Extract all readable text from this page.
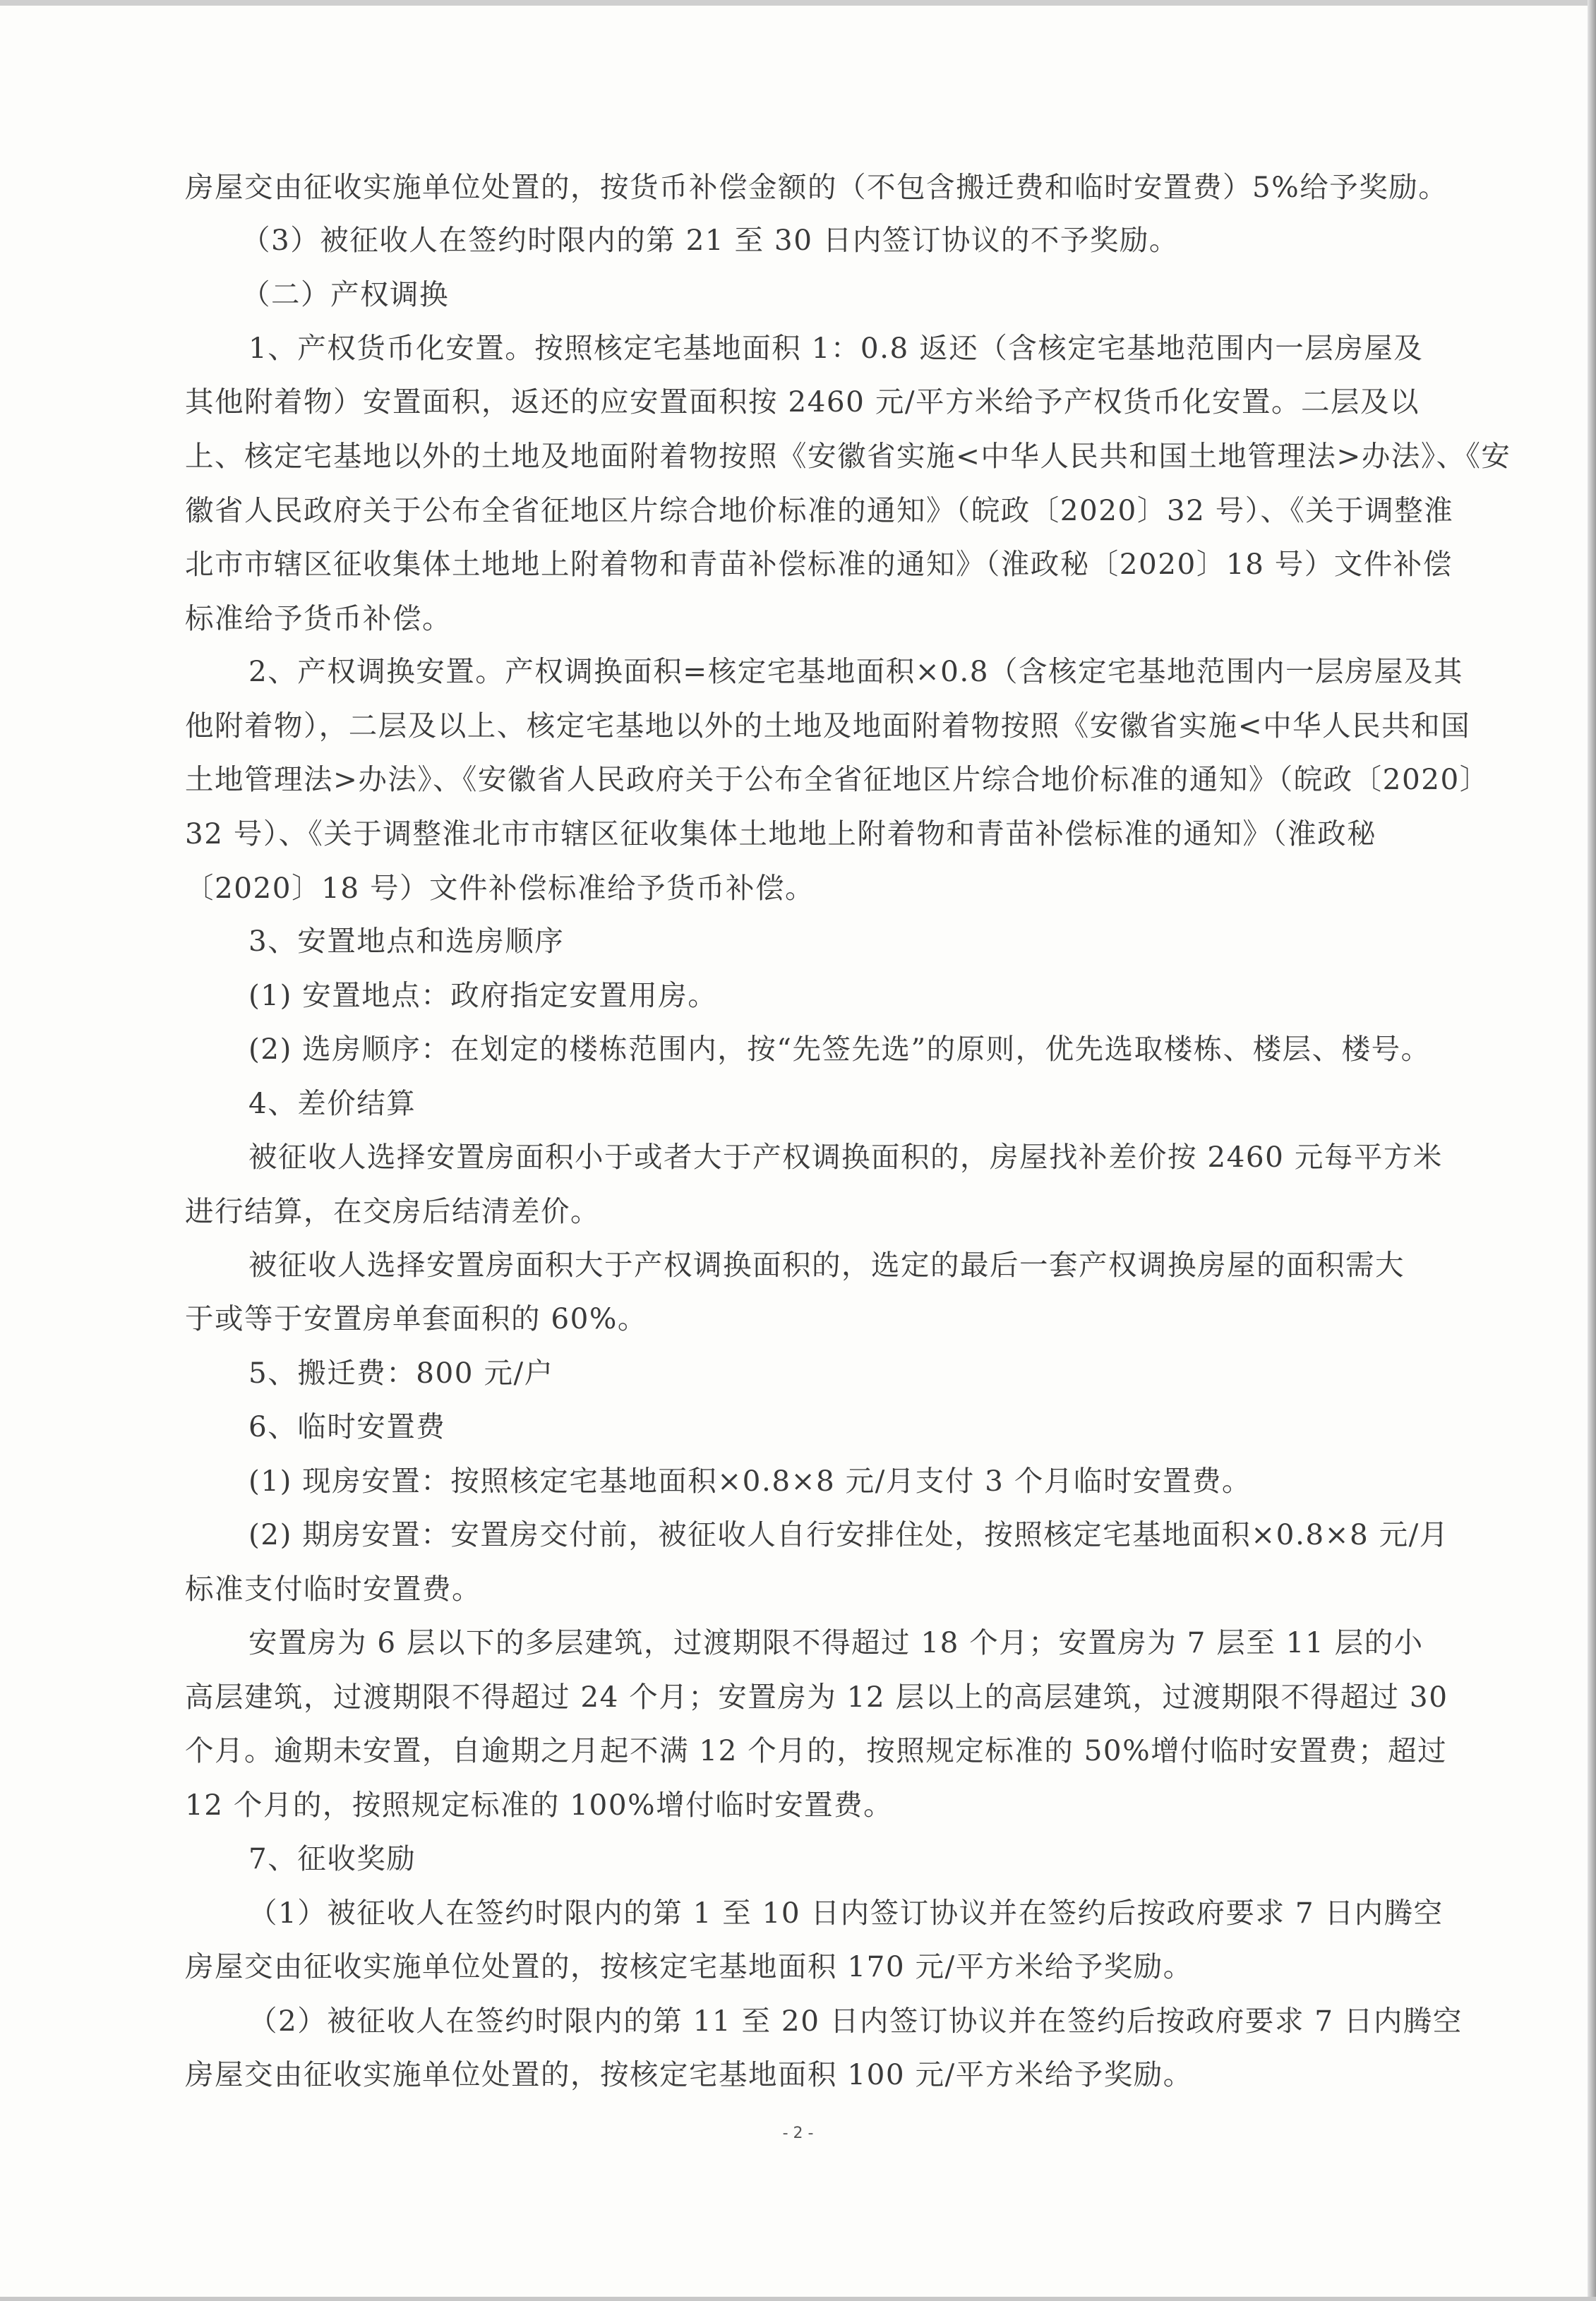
房屋交由征收实施单位处置的，按货币补偿金额的（不包含搬迁费和临时安置费）5%给予奖励。
（3）被征收人在签约时限内的第 21 至 30 日内签订协议的不予奖励。
（二）产权调换
1、产权货币化安置。按照核定宅基地面积 1：0.8 返还（含核定宅基地范围内一层房屋及
其他附着物）安置面积，返还的应安置面积按 2460 元/平方米给予产权货币化安置。二层及以
上、核定宅基地以外的土地及地面附着物按照《安徽省实施<中华人民共和国土地管理法>办法》、《安
徽省人民政府关于公布全省征地区片综合地价标准的通知》（皖政〔2020〕32 号）、《关于调整淮
北市市辖区征收集体土地地上附着物和青苗补偿标准的通知》（淮政秘〔2020〕18 号）文件补偿
标准给予货币补偿。
2、产权调换安置。产权调换面积=核定宅基地面积×0.8（含核定宅基地范围内一层房屋及其
他附着物），二层及以上、核定宅基地以外的土地及地面附着物按照《安徽省实施<中华人民共和国
土地管理法>办法》、《安徽省人民政府关于公布全省征地区片综合地价标准的通知》（皖政〔2020〕
32 号）、《关于调整淮北市市辖区征收集体土地地上附着物和青苗补偿标准的通知》（淮政秘
〔2020〕18 号）文件补偿标准给予货币补偿。
3、安置地点和选房顺序
(1) 安置地点：政府指定安置用房。
(2) 选房顺序：在划定的楼栋范围内，按“先签先选”的原则，优先选取楼栋、楼层、楼号。
4、差价结算
被征收人选择安置房面积小于或者大于产权调换面积的，房屋找补差价按 2460 元每平方米
进行结算，在交房后结清差价。
被征收人选择安置房面积大于产权调换面积的，选定的最后一套产权调换房屋的面积需大
于或等于安置房单套面积的 60%。
5、搬迁费：800 元/户
6、临时安置费
(1) 现房安置：按照核定宅基地面积×0.8×8 元/月支付 3 个月临时安置费。
(2) 期房安置：安置房交付前，被征收人自行安排住处，按照核定宅基地面积×0.8×8 元/月
标准支付临时安置费。
安置房为 6 层以下的多层建筑，过渡期限不得超过 18 个月；安置房为 7 层至 11 层的小
高层建筑，过渡期限不得超过 24 个月；安置房为 12 层以上的高层建筑，过渡期限不得超过 30
个月。逾期未安置，自逾期之月起不满 12 个月的，按照规定标准的 50%增付临时安置费；超过
12 个月的，按照规定标准的 100%增付临时安置费。
7、征收奖励
（1）被征收人在签约时限内的第 1 至 10 日内签订协议并在签约后按政府要求 7 日内腾空
房屋交由征收实施单位处置的，按核定宅基地面积 170 元/平方米给予奖励。
（2）被征收人在签约时限内的第 11 至 20 日内签订协议并在签约后按政府要求 7 日内腾空
房屋交由征收实施单位处置的，按核定宅基地面积 100 元/平方米给予奖励。
- 2 -
